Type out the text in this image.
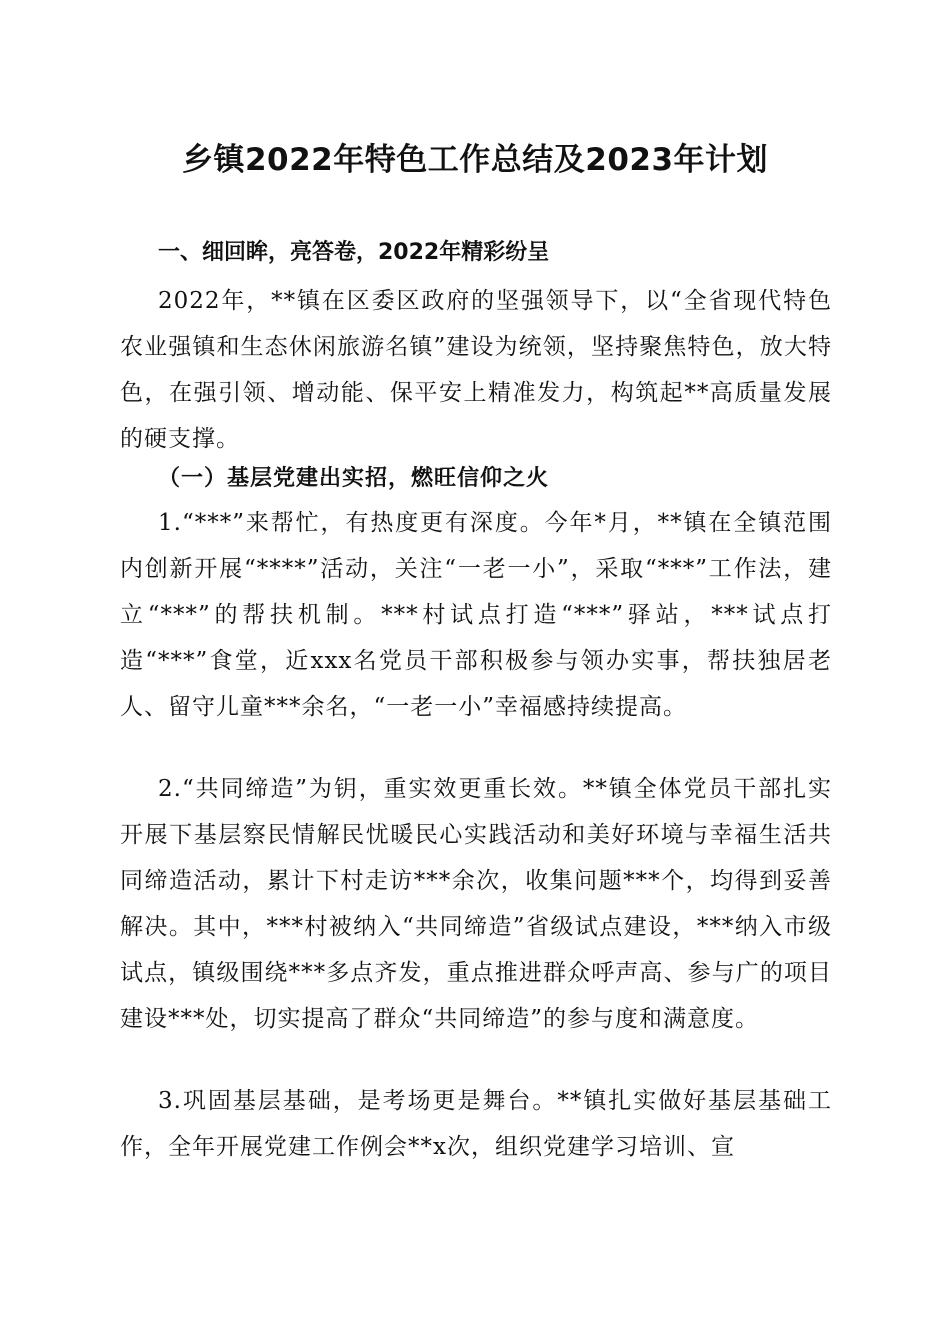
乡镇2022年特色工作总结及2023年计划
一、细回眸，亮答卷，2022年精彩纷呈

2022年，**镇在区委区政府的坚强领导下，以“全省现代特色农业强镇和生态休闲旅游名镇”建设为统领，坚持聚焦特色，放大特色，在强引领、增动能、保平安上精准发力，构筑起**高质量发展的硬支撑。

（一）基层党建出实招，燃旺信仰之火

1.“***”来帮忙，有热度更有深度。今年*月，**镇在全镇范围内创新开展“****”活动，关注“一老一小”，采取“***”工作法，建立“***”的帮扶机制。***村试点打造“***”驿站，***试点打造“***”食堂，近xxx名党员干部积极参与领办实事，帮扶独居老人、留守儿童***余名，“一老一小”幸福感持续提高。

2.“共同缔造”为钥，重实效更重长效。**镇全体党员干部扎实开展下基层察民情解民忧暖民心实践活动和美好环境与幸福生活共同缔造活动，累计下村走访***余次，收集问题***个，均得到妥善解决。其中，***村被纳入“共同缔造”省级试点建设，***纳入市级试点，镇级围绕***多点齐发，重点推进群众呼声高、参与广的项目建设***处，切实提高了群众“共同缔造”的参与度和满意度。

3.巩固基层基础，是考场更是舞台。**镇扎实做好基层基础工作，全年开展党建工作例会**x次，组织党建学习培训、宣
